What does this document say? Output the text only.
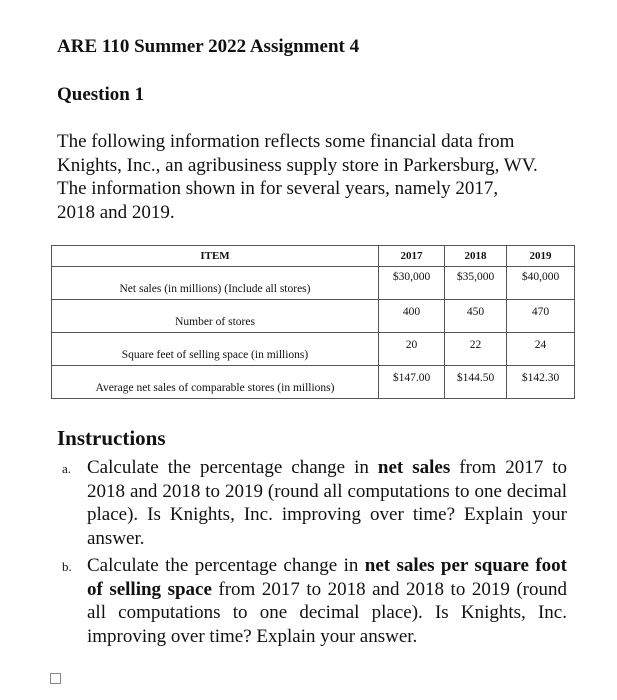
ARE 110 Summer 2022 Assignment 4
Question 1

The following information reflects some financial data from
Knights, Inc., an agribusiness supply store in Parkersburg, WV.
The information shown in for several years, namely 2017,
2018 and 2019.

ITEM	2017	2018	2019
Net sales (in millions) (Include all stores)	$30,000	$35,000	$40,000
Number of stores	400	450	470
Square feet of selling space (in millions)	20	22	24
Average net sales of comparable stores (in millions)	$147.00	$144.50	$142.30
Instructions
a. Calculate the percentage change in net sales from 2017 to 2018 and 2018 to 2019 (round all computations to one decimal place). Is Knights, Inc. improving over time? Explain your answer.
b. Calculate the percentage change in net sales per square foot of selling space from 2017 to 2018 and 2018 to 2019 (round all computations to one decimal place). Is Knights, Inc. improving over time? Explain your answer.
